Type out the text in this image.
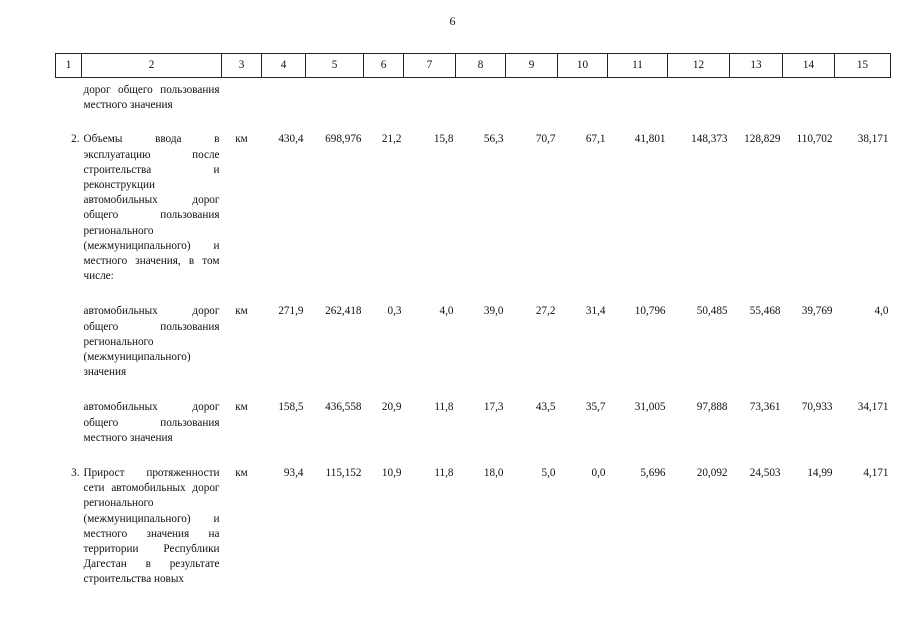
6
1	2	3	4	5	6	7	8	9	10	11	12	13	14	15
	дорог общего пользования местного значения													
2.	Объемы ввода в эксплуатацию после строительства и реконструкции автомобильных дорог общего пользования регионального (межмуниципального) и местного значения, в том числе:	км	430,4	698,976	21,2	15,8	56,3	70,7	67,1	41,801	148,373	128,829	110,702	38,171
	автомобильных дорог общего пользования регионального (межмуниципального) значения	км	271,9	262,418	0,3	4,0	39,0	27,2	31,4	10,796	50,485	55,468	39,769	4,0
	автомобильных дорог общего пользования местного значения	км	158,5	436,558	20,9	11,8	17,3	43,5	35,7	31,005	97,888	73,361	70,933	34,171
3.	Прирост протяженности сети автомобильных дорог регионального (межмуниципального) и местного значения на территории Республики Дагестан в результате строительства новых	км	93,4	115,152	10,9	11,8	18,0	5,0	0,0	5,696	20,092	24,503	14,99	4,171
